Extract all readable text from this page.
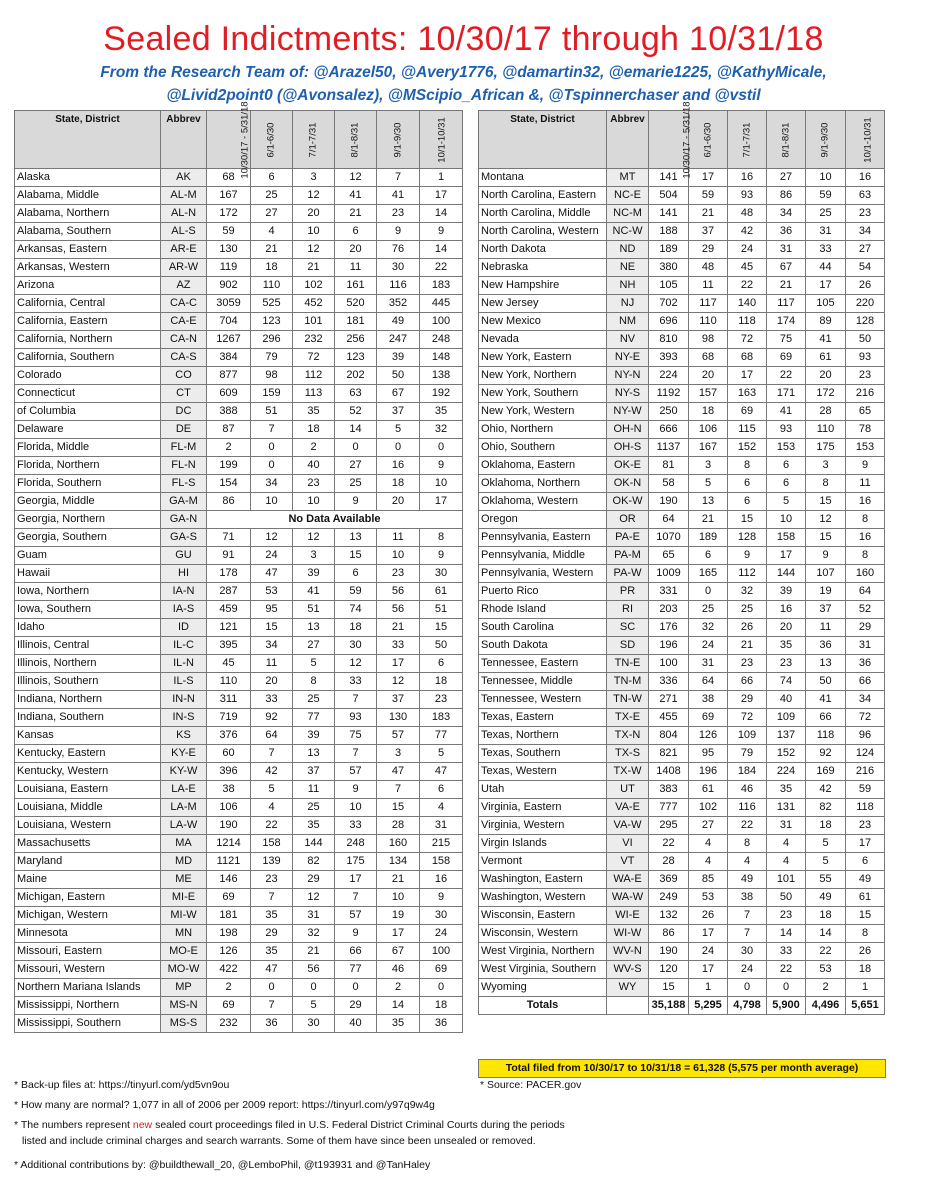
Sealed Indictments: 10/30/17 through 10/31/18
From the Research Team of: @Arazel50, @Avery1776, @damartin32, @emarie1225, @KathyMicale,
@Livid2point0 (@Avonsalez), @MScipio_African &, @Tspinnerchaser and @vstil
State, District	Abbrev	10/30/17 - 5/31/18	6/1-6/30	7/1-7/31	8/1-8/31	9/1-9/30	10/1-10/31
Alaska	AK	68	6	3	12	7	1
Alabama, Middle	AL-M	167	25	12	41	41	17
Alabama, Northern	AL-N	172	27	20	21	23	14
Alabama, Southern	AL-S	59	4	10	6	9	9
Arkansas, Eastern	AR-E	130	21	12	20	76	14
Arkansas, Western	AR-W	119	18	21	11	30	22
Arizona	AZ	902	110	102	161	116	183
California, Central	CA-C	3059	525	452	520	352	445
California, Eastern	CA-E	704	123	101	181	49	100
California, Northern	CA-N	1267	296	232	256	247	248
California, Southern	CA-S	384	79	72	123	39	148
Colorado	CO	877	98	112	202	50	138
Connecticut	CT	609	159	113	63	67	192
of Columbia	DC	388	51	35	52	37	35
Delaware	DE	87	7	18	14	5	32
Florida, Middle	FL-M	2	0	2	0	0	0
Florida, Northern	FL-N	199	0	40	27	16	9
Florida, Southern	FL-S	154	34	23	25	18	10
Georgia, Middle	GA-M	86	10	10	9	20	17
Georgia, Northern	GA-N	No Data Available					
Georgia, Southern	GA-S	71	12	12	13	11	8
Guam	GU	91	24	3	15	10	9
Hawaii	HI	178	47	39	6	23	30
Iowa, Northern	IA-N	287	53	41	59	56	61
Iowa, Southern	IA-S	459	95	51	74	56	51
Idaho	ID	121	15	13	18	21	15
Illinois, Central	IL-C	395	34	27	30	33	50
Illinois, Northern	IL-N	45	11	5	12	17	6
Illinois, Southern	IL-S	110	20	8	33	12	18
Indiana, Northern	IN-N	311	33	25	7	37	23
Indiana, Southern	IN-S	719	92	77	93	130	183
Kansas	KS	376	64	39	75	57	77
Kentucky, Eastern	KY-E	60	7	13	7	3	5
Kentucky, Western	KY-W	396	42	37	57	47	47
Louisiana, Eastern	LA-E	38	5	11	9	7	6
Louisiana, Middle	LA-M	106	4	25	10	15	4
Louisiana, Western	LA-W	190	22	35	33	28	31
Massachusetts	MA	1214	158	144	248	160	215
Maryland	MD	1121	139	82	175	134	158
Maine	ME	146	23	29	17	21	16
Michigan, Eastern	MI-E	69	7	12	7	10	9
Michigan, Western	MI-W	181	35	31	57	19	30
Minnesota	MN	198	29	32	9	17	24
Missouri, Eastern	MO-E	126	35	21	66	67	100
Missouri, Western	MO-W	422	47	56	77	46	69
Northern Mariana Islands	MP	2	0	0	0	2	0
Mississippi, Northern	MS-N	69	7	5	29	14	18
Mississippi, Southern	MS-S	232	36	30	40	35	36
State, District	Abbrev	10/30/17 - 5/31/18	6/1-6/30	7/1-7/31	8/1-8/31	9/1-9/30	10/1-10/31
Montana	MT	141	17	16	27	10	16
North Carolina, Eastern	NC-E	504	59	93	86	59	63
North Carolina, Middle	NC-M	141	21	48	34	25	23
North Carolina, Western	NC-W	188	37	42	36	31	34
North Dakota	ND	189	29	24	31	33	27
Nebraska	NE	380	48	45	67	44	54
New Hampshire	NH	105	11	22	21	17	26
New Jersey	NJ	702	117	140	117	105	220
New Mexico	NM	696	110	118	174	89	128
Nevada	NV	810	98	72	75	41	50
New York, Eastern	NY-E	393	68	68	69	61	93
New York, Northern	NY-N	224	20	17	22	20	23
New York, Southern	NY-S	1192	157	163	171	172	216
New York, Western	NY-W	250	18	69	41	28	65
Ohio, Northern	OH-N	666	106	115	93	110	78
Ohio, Southern	OH-S	1137	167	152	153	175	153
Oklahoma, Eastern	OK-E	81	3	8	6	3	9
Oklahoma, Northern	OK-N	58	5	6	6	8	11
Oklahoma, Western	OK-W	190	13	6	5	15	16
Oregon	OR	64	21	15	10	12	8
Pennsylvania, Eastern	PA-E	1070	189	128	158	15	16
Pennsylvania, Middle	PA-M	65	6	9	17	9	8
Pennsylvania, Western	PA-W	1009	165	112	144	107	160
Puerto Rico	PR	331	0	32	39	19	64
Rhode Island	RI	203	25	25	16	37	52
South Carolina	SC	176	32	26	20	11	29
South Dakota	SD	196	24	21	35	36	31
Tennessee, Eastern	TN-E	100	31	23	23	13	36
Tennessee, Middle	TN-M	336	64	66	74	50	66
Tennessee, Western	TN-W	271	38	29	40	41	34
Texas, Eastern	TX-E	455	69	72	109	66	72
Texas, Northern	TX-N	804	126	109	137	118	96
Texas, Southern	TX-S	821	95	79	152	92	124
Texas, Western	TX-W	1408	196	184	224	169	216
Utah	UT	383	61	46	35	42	59
Virginia, Eastern	VA-E	777	102	116	131	82	118
Virginia, Western	VA-W	295	27	22	31	18	23
Virgin Islands	VI	22	4	8	4	5	17
Vermont	VT	28	4	4	4	5	6
Washington, Eastern	WA-E	369	85	49	101	55	49
Washington, Western	WA-W	249	53	38	50	49	61
Wisconsin, Eastern	WI-E	132	26	7	23	18	15
Wisconsin, Western	WI-W	86	17	7	14	14	8
West Virginia, Northern	WV-N	190	24	30	33	22	26
West Virginia, Southern	WV-S	120	17	24	22	53	18
Wyoming	WY	15	1	0	0	2	1
Totals		35,188	5,295	4,798	5,900	4,496	5,651
Total filed from 10/30/17 to 10/31/18 = 61,328 (5,575 per month average)
* Back-up files at: https://tinyurl.com/yd5vn9ou	* Source: PACER.gov
* How many are normal? 1,077 in all of 2006 per 2009 report: https://tinyurl.com/y97q9w4g
* The numbers represent new sealed court proceedings filed in U.S. Federal District Criminal Courts during the periods
listed and include criminal charges and search warrants. Some of them have since been unsealed or removed.
* Additional contributions by: @buildthewall_20, @LemboPhil, @t193931 and @TanHaley
